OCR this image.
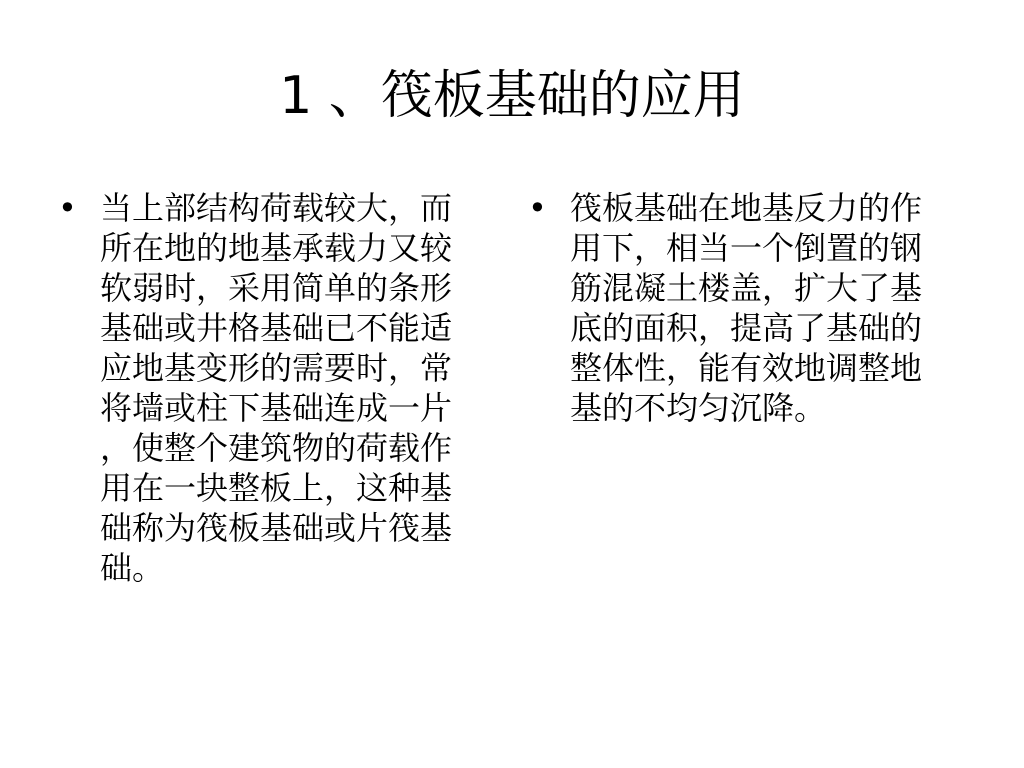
1 、筏板基础的应用
• 当上部结构荷载较大，而
所在地的地基承载力又较
软弱时，采用简单的条形
基础或井格基础已不能适
应地基变形的需要时，常
将墙或柱下基础连成一片
，使整个建筑物的荷载作
用在一块整板上，这种基
础称为筏板基础或片筏基
础。
• 筏板基础在地基反力的作
用下，相当一个倒置的钢
筋混凝土楼盖，扩大了基
底的面积，提高了基础的
整体性，能有效地调整地
基的不均匀沉降。
